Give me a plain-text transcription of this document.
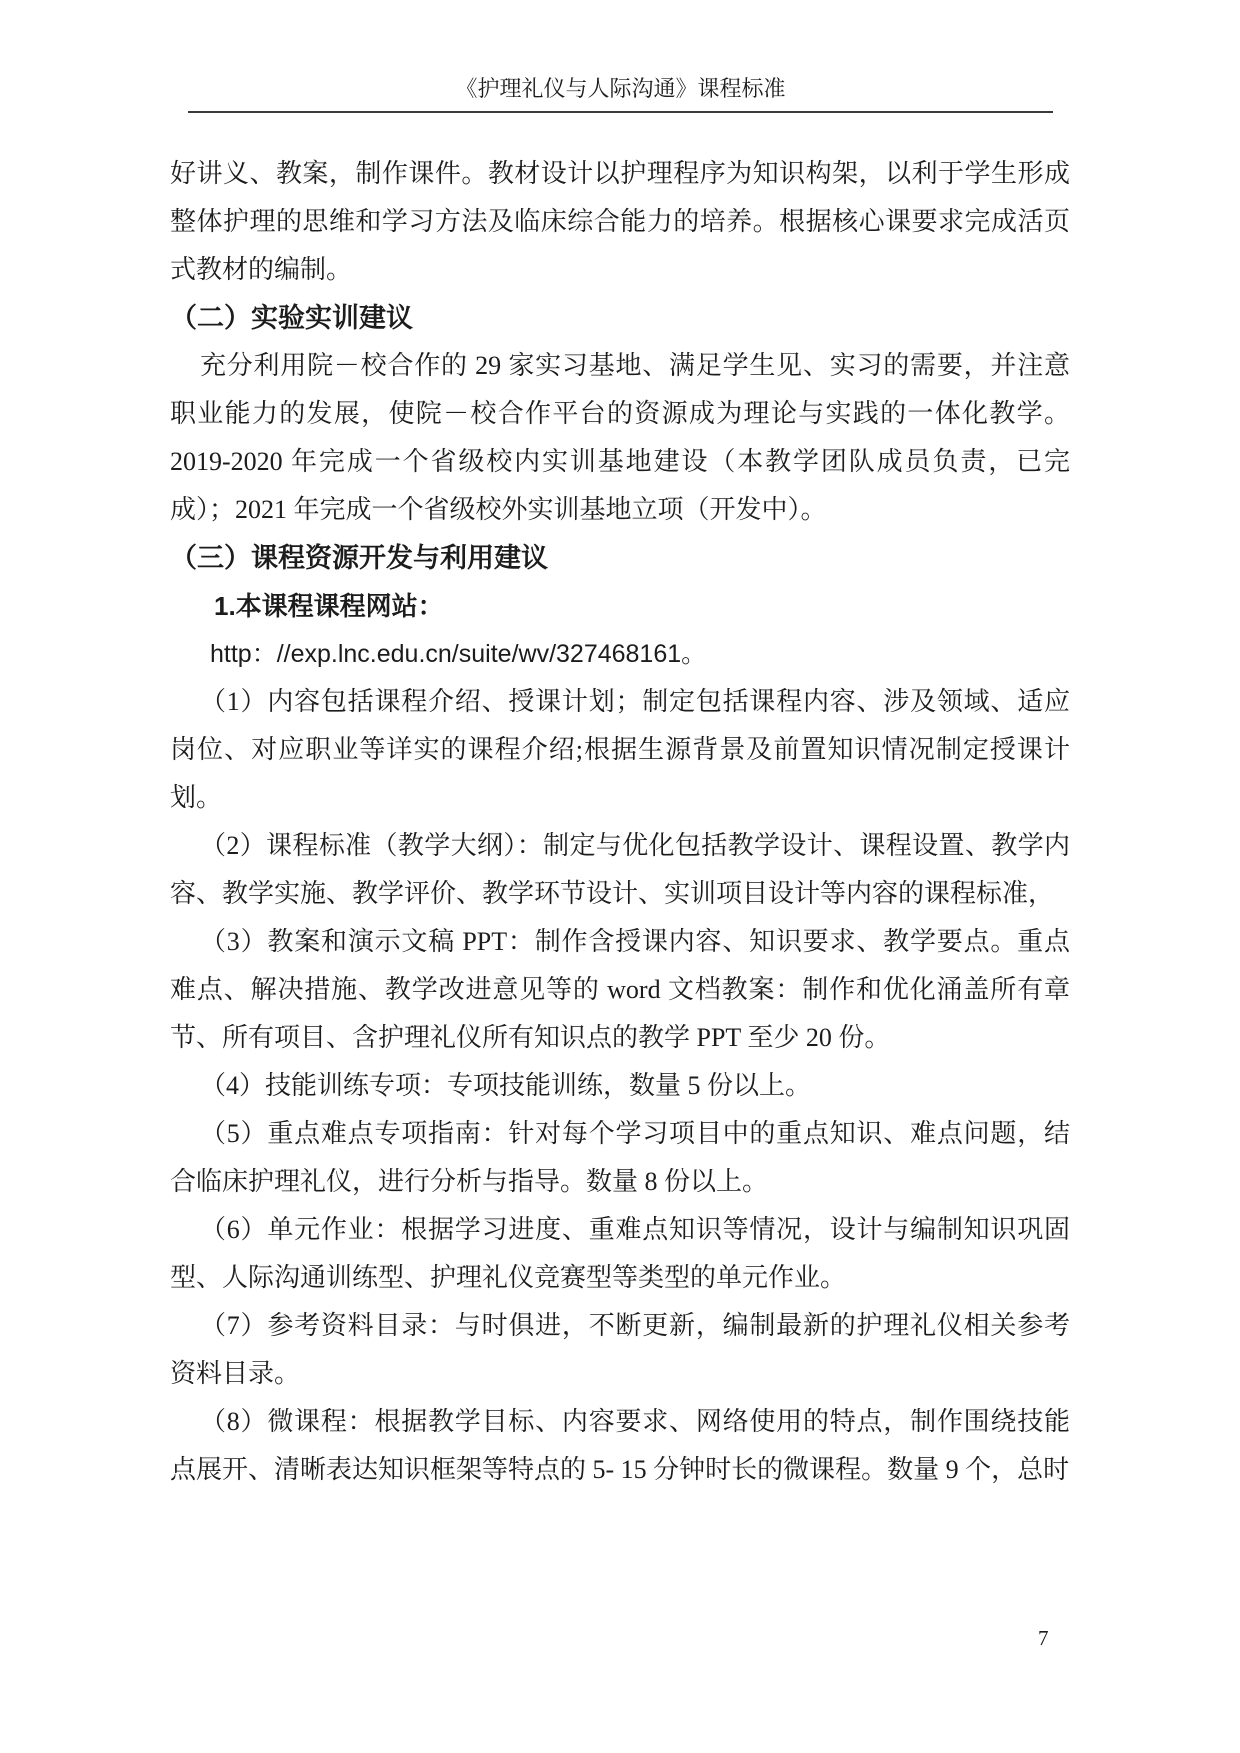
《护理礼仪与人际沟通》课程标准

好讲义、教案，制作课件。教材设计以护理程序为知识构架，以利于学生形成整体护理的思维和学习方法及临床综合能力的培养。根据核心课要求完成活页式教材的编制。

（二）实验实训建议

充分利用院－校合作的 29 家实习基地、满足学生见、实习的需要，并注意职业能力的发展，使院－校合作平台的资源成为理论与实践的一体化教学。2019-2020 年完成一个省级校内实训基地建设（本教学团队成员负责，已完成）；2021 年完成一个省级校外实训基地立项（开发中）。

（三）课程资源开发与利用建议

1.本课程课程网站：

http：//exp.lnc.edu.cn/suite/wv/327468161。

（1）内容包括课程介绍、授课计划；制定包括课程内容、涉及领域、适应岗位、对应职业等详实的课程介绍;根据生源背景及前置知识情况制定授课计划。

（2）课程标准（教学大纲）：制定与优化包括教学设计、课程设置、教学内容、教学实施、教学评价、教学环节设计、实训项目设计等内容的课程标准，

（3）教案和演示文稿 PPT：制作含授课内容、知识要求、教学要点。重点难点、解决措施、教学改进意见等的 word 文档教案：制作和优化涌盖所有章节、所有项目、含护理礼仪所有知识点的教学 PPT 至少 20 份。

（4）技能训练专项：专项技能训练，数量 5 份以上。

（5）重点难点专项指南：针对每个学习项目中的重点知识、难点问题，结合临床护理礼仪，进行分析与指导。数量 8 份以上。

（6）单元作业：根据学习进度、重难点知识等情况，设计与编制知识巩固型、人际沟通训练型、护理礼仪竞赛型等类型的单元作业。

（7）参考资料目录：与时俱进，不断更新，编制最新的护理礼仪相关参考资料目录。

（8）微课程：根据教学目标、内容要求、网络使用的特点，制作围绕技能点展开、清晰表达知识框架等特点的 5- 15 分钟时长的微课程。数量 9 个，总时

7
